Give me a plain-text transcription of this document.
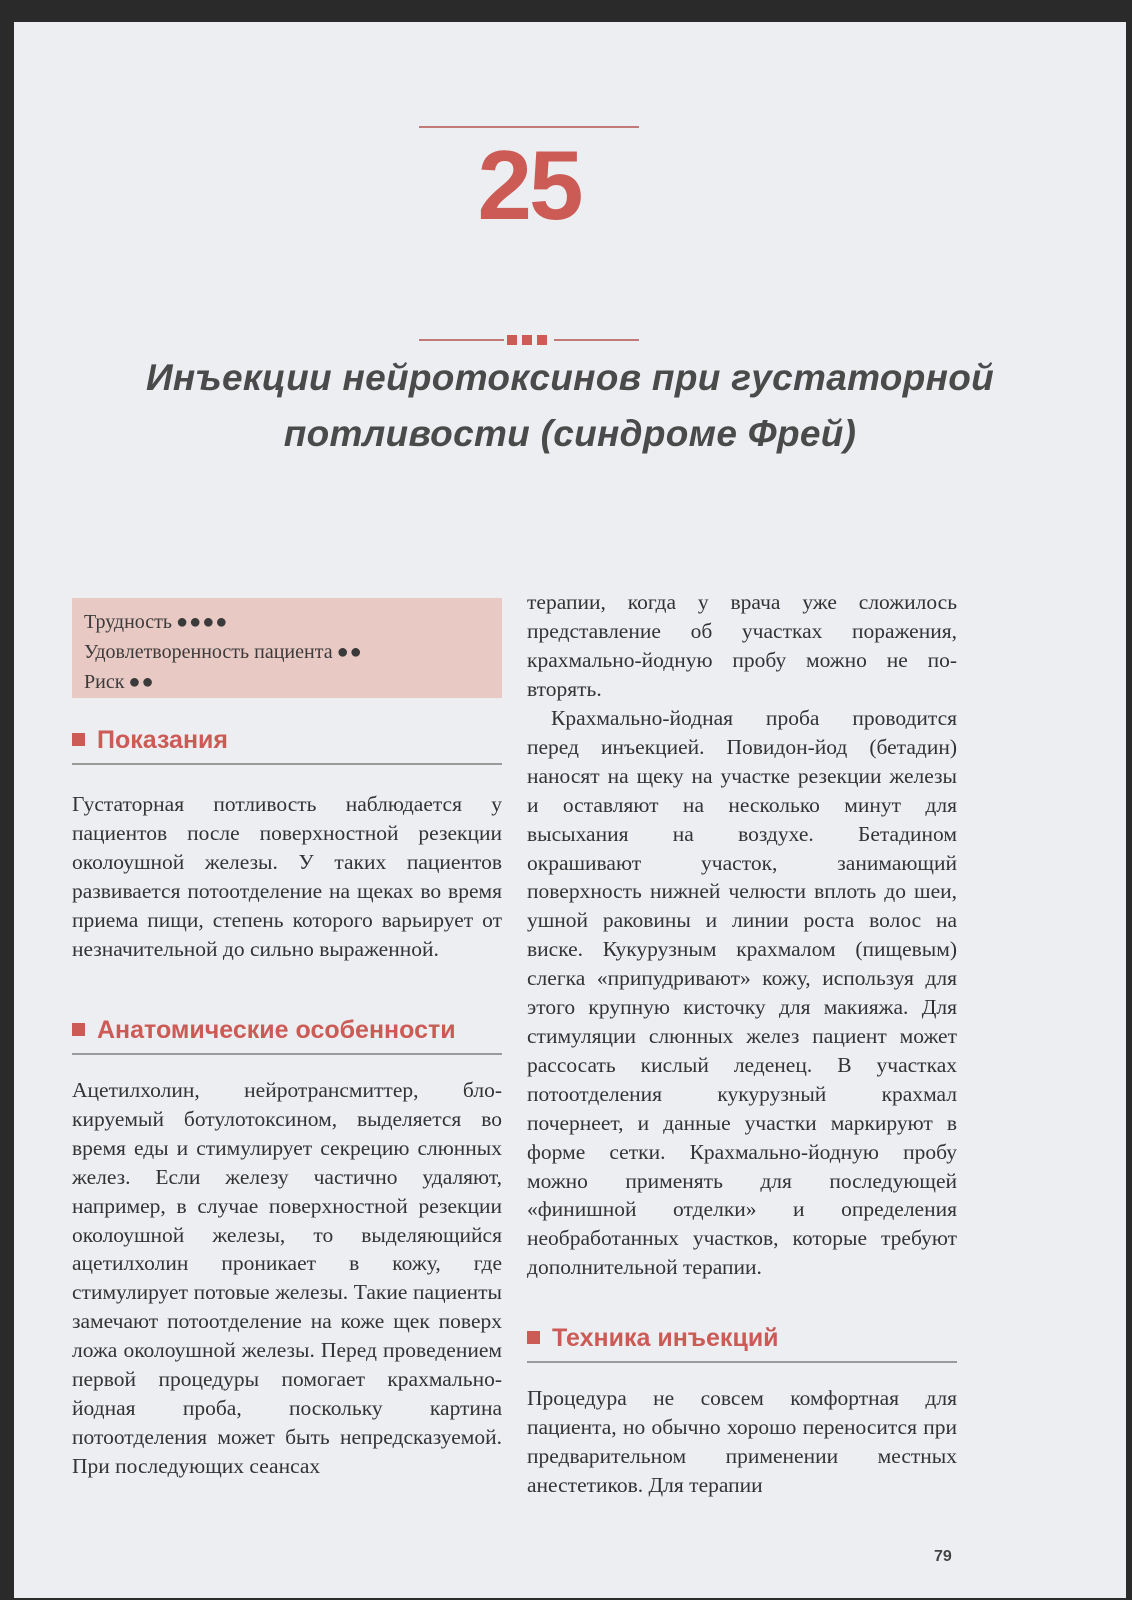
25
Инъекции нейротоксинов при густаторной
потливости (синдроме Фрей)
Трудность ●●●●
Удовлетворенность пациента ●●
Риск ●●
Показания
Густаторная потливость наблюдается у пациентов после поверхностной резекции околоушной железы. У таких пациентов развивается потоотделение на щеках во время приема пищи, степень которого варьирует от незначительной до сильно выраженной.
Анатомические особенности
Ацетилхолин, нейротрансмиттер, блокируемый ботулотоксином, выделяется во время еды и стимулирует секрецию слюнных желез. Если железу частично удаляют, например, в случае поверхностной резекции околоушной железы, то выделяющийся ацетилхолин проникает в кожу, где стимулирует потовые железы. Такие пациенты замечают потоотделение на коже щек поверх ложа околоушной железы. Перед проведением первой процедуры помогает крахмально-йодная проба, поскольку картина потоотделения может быть непредсказуемой. При последующих сеансах
терапии, когда у врача уже сложилось представление об участках поражения, крахмально-йодную пробу можно не повторять.
Крахмально-йодная проба проводится перед инъекцией. Повидон-йод (бетадин) наносят на щеку на участке резекции железы и оставляют на несколько минут для высыхания на воздухе. Бетадином окрашивают участок, занимающий поверхность нижней челюсти вплоть до шеи, ушной раковины и линии роста волос на виске. Кукурузным крахмалом (пищевым) слегка «припудривают» кожу, используя для этого крупную кисточку для макияжа. Для стимуляции слюнных желез пациент может рассосать кислый леденец. В участках потоотделения кукурузный крахмал почернеет, и данные участки маркируют в форме сетки. Крахмально-йодную пробу можно применять для последующей «финишной отделки» и определения необработанных участков, которые требуют дополнительной терапии.
Техника инъекций
Процедура не совсем комфортная для пациента, но обычно хорошо переносится при предварительном применении местных анестетиков. Для терапии
79
